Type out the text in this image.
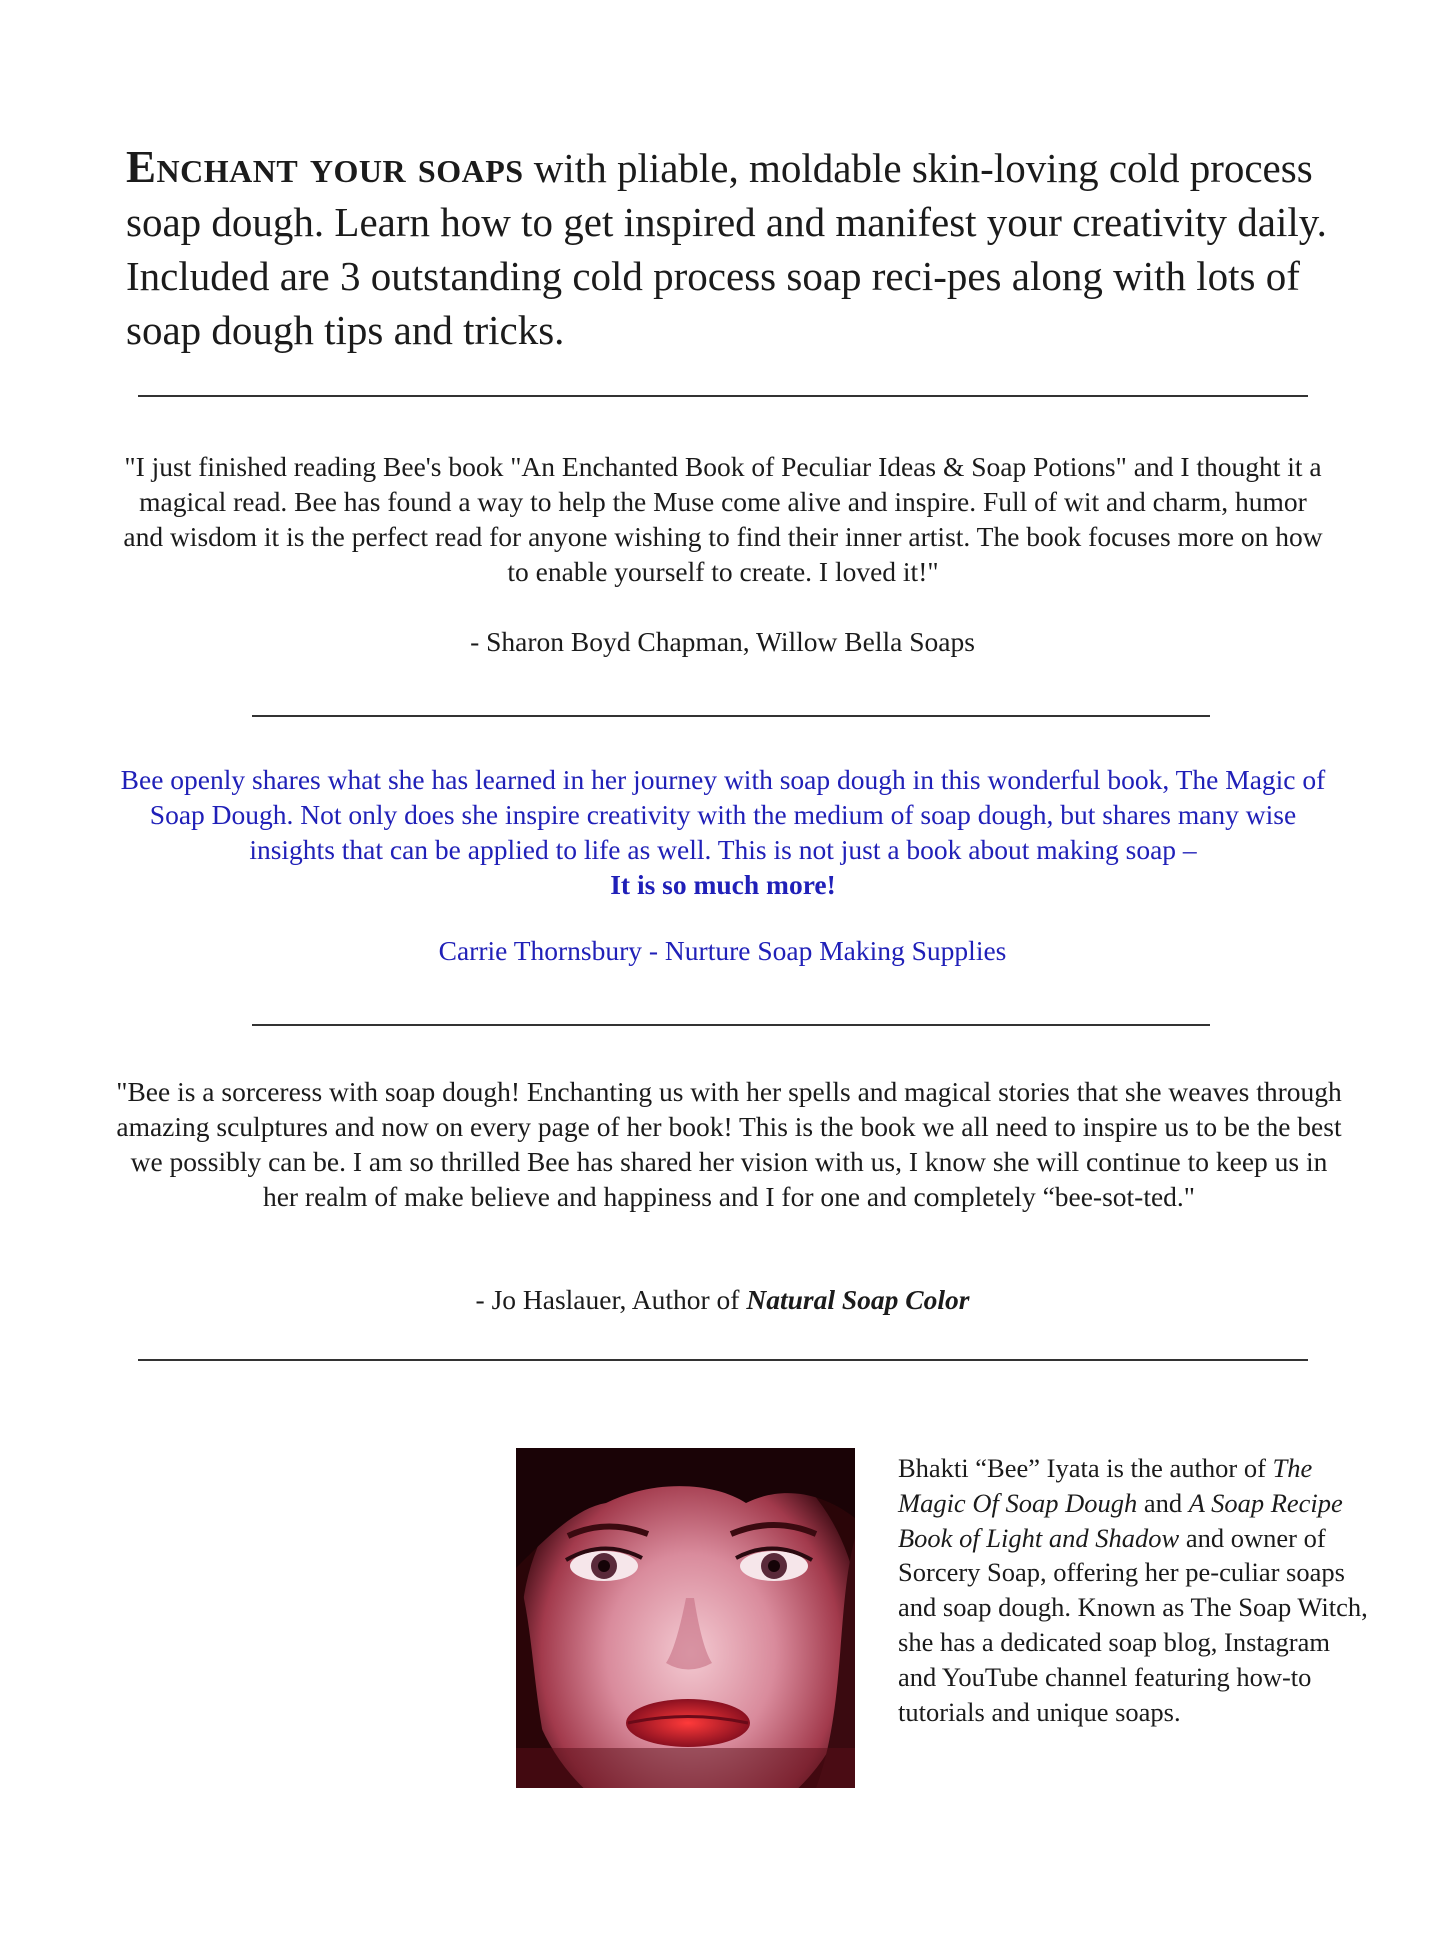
Enchant your soaps with pliable, moldable skin-loving cold process soap dough. Learn how to get inspired and manifest your creativity daily. Included are 3 outstanding cold process soap reci-pes along with lots of soap dough tips and tricks.

"I just finished reading Bee's book "An Enchanted Book of Peculiar Ideas & Soap Potions" and I thought it a magical read. Bee has found a way to help the Muse come alive and inspire. Full of wit and charm, humor and wisdom it is the perfect read for anyone wishing to find their inner artist. The book focuses more on how to enable yourself to create. I loved it!"

- Sharon Boyd Chapman, Willow Bella Soaps

Bee openly shares what she has learned in her journey with soap dough in this wonderful book, The Magic of Soap Dough. Not only does she inspire creativity with the medium of soap dough, but shares many wise insights that can be applied to life as well. This is not just a book about making soap –
It is so much more!

Carrie Thornsbury - Nurture Soap Making Supplies

"Bee is a sorceress with soap dough! Enchanting us with her spells and magical stories that she weaves through amazing sculptures and now on every page of her book! This is the book we all need to inspire us to be the best we possibly can be. I am so thrilled Bee has shared her vision with us, I know she will continue to keep us in her realm of make believe and happiness and I for one and completely “bee-sot-ted."

- Jo Haslauer, Author of Natural Soap Color

Bhakti “Bee” Iyata is the author of The Magic Of Soap Dough and A Soap Recipe Book of Light and Shadow and owner of Sorcery Soap, offering her pe-culiar soaps and soap dough. Known as The Soap Witch, she has a dedicated soap blog, Instagram and YouTube channel featuring how-to tutorials and unique soaps.
